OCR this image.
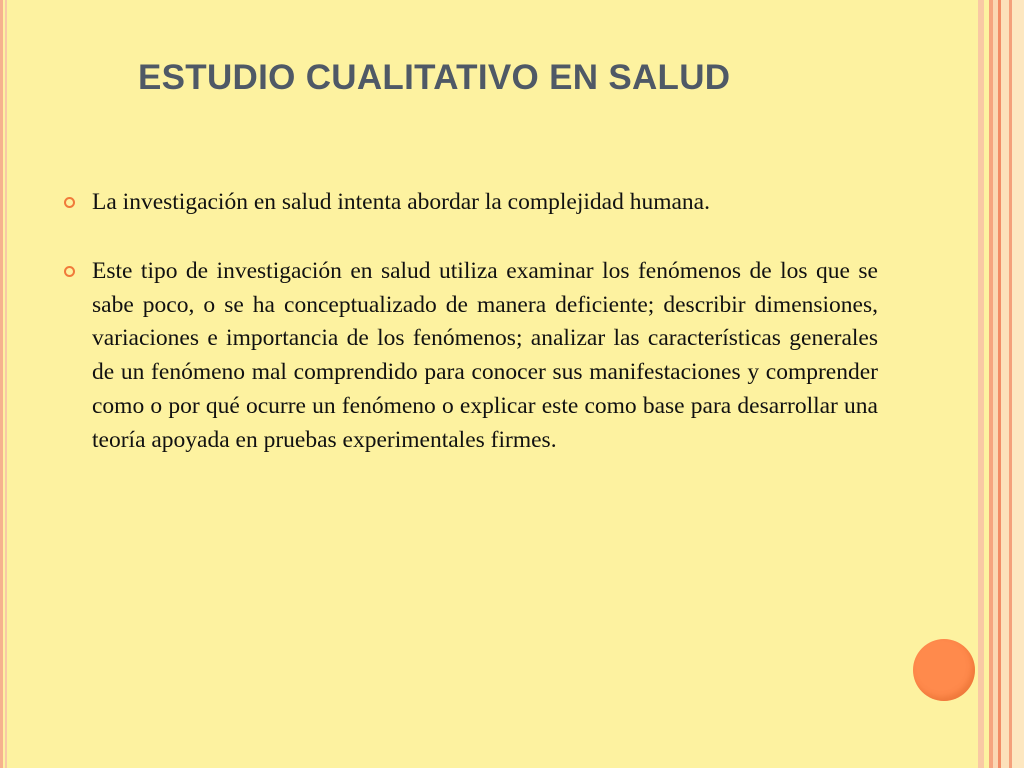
ESTUDIO CUALITATIVO EN SALUD
La investigación en salud intenta abordar la complejidad humana.
Este tipo de investigación en salud utiliza examinar los fenómenos de los que se sabe poco, o se ha conceptualizado de manera deficiente; describir dimensiones, variaciones e importancia de los fenómenos; analizar las características generales de un fenómeno mal comprendido para conocer sus manifestaciones y comprender como o por qué ocurre un fenómeno o explicar este como base para desarrollar una teoría apoyada en pruebas experimentales firmes.
